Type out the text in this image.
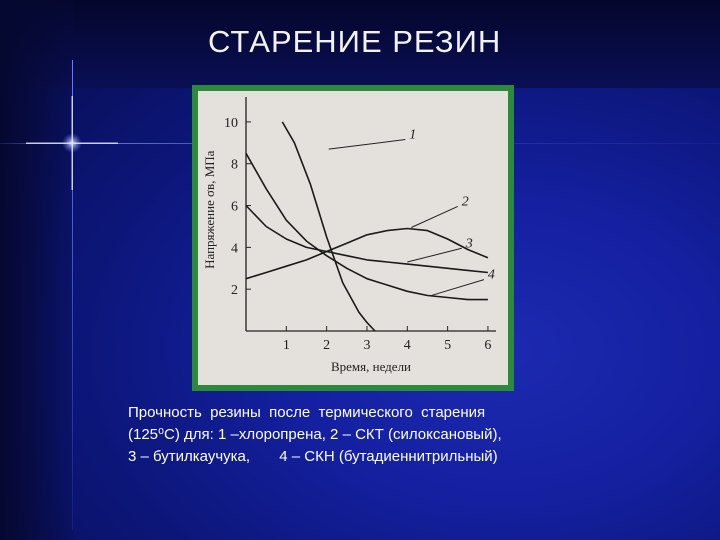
СТАРЕНИЕ РЕЗИН
1 2 3 4 5 6
2
4
6
8
10
Время, недели
Напряжение σв, МПа
1
2
3
4
Прочность  резины  после  термического  старения
(125⁰С) для: 1 –хлоропрена, 2 – СКТ (силоксановый),
3 – бутилкаучука,       4 – СКН (бутадиеннитрильный)
